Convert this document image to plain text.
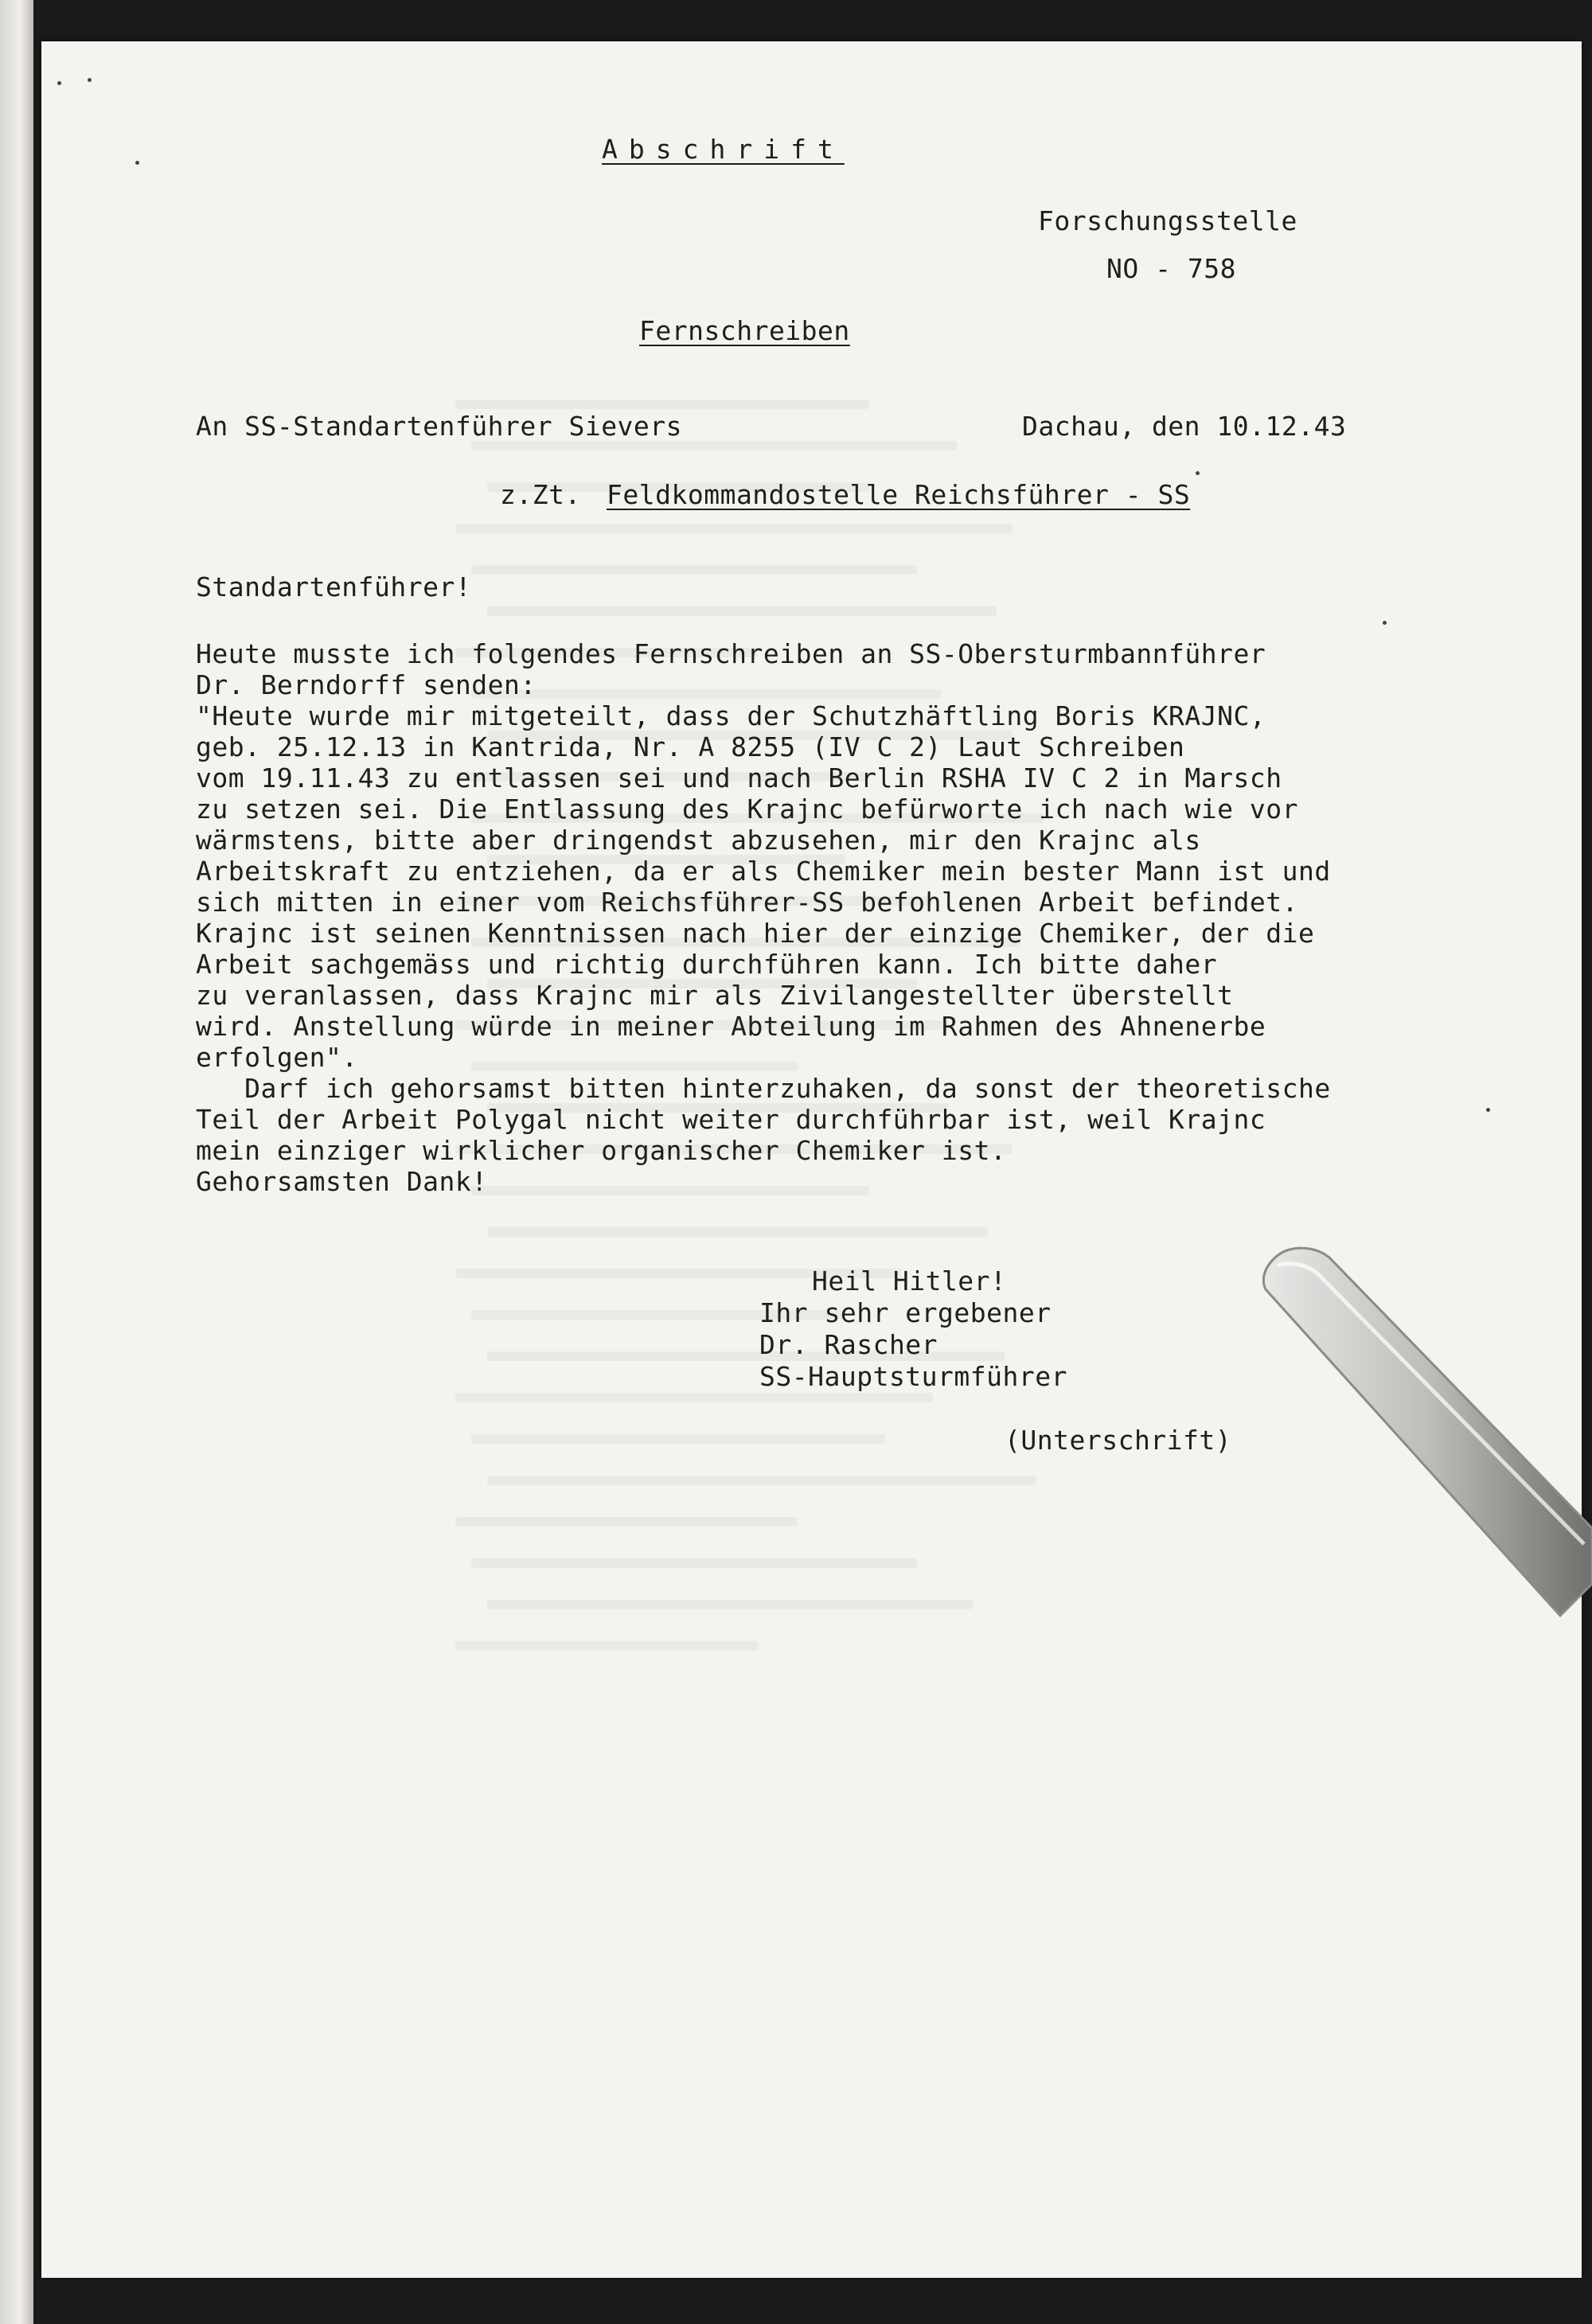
Abschrift
Forschungsstelle
NO - 758
Fernschreiben
An SS-Standartenführer Sievers	Dachau, den 10.12.43
z.Zt. Feldkommandostelle Reichsführer - SS
Standartenführer!
Heute musste ich folgendes Fernschreiben an SS-Obersturmbannführer
Dr. Berndorff senden:
"Heute wurde mir mitgeteilt, dass der Schutzhäftling Boris KRAJNC,
geb. 25.12.13 in Kantrida, Nr. A 8255 (IV C 2) Laut Schreiben
vom 19.11.43 zu entlassen sei und nach Berlin RSHA IV C 2 in Marsch
zu setzen sei. Die Entlassung des Krajnc befürworte ich nach wie vor
wärmstens, bitte aber dringendst abzusehen, mir den Krajnc als
Arbeitskraft zu entziehen, da er als Chemiker mein bester Mann ist und
sich mitten in einer vom Reichsführer-SS befohlenen Arbeit befindet.
Krajnc ist seinen Kenntnissen nach hier der einzige Chemiker, der die
Arbeit sachgemäss und richtig durchführen kann. Ich bitte daher
zu veranlassen, dass Krajnc mir als Zivilangestellter überstellt
wird. Anstellung würde in meiner Abteilung im Rahmen des Ahnenerbe
erfolgen".
Darf ich gehorsamst bitten hinterzuhaken, da sonst der theoretische
Teil der Arbeit Polygal nicht weiter durchführbar ist, weil Krajnc
mein einziger wirklicher organischer Chemiker ist.
Gehorsamsten Dank!
Heil Hitler!
Ihr sehr ergebener
Dr. Rascher
SS-Hauptsturmführer
(Unterschrift)
